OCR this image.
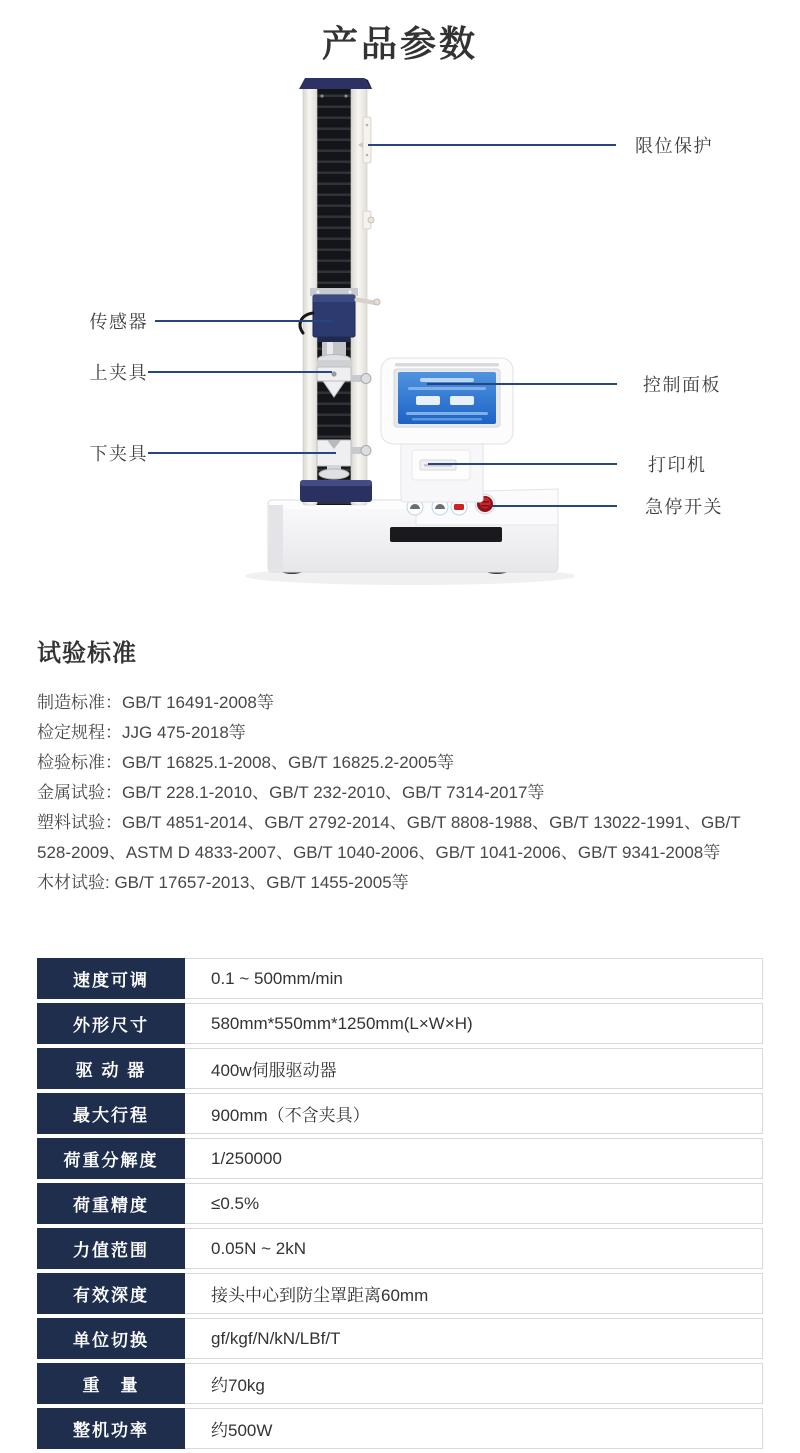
产品参数
限位保护
传感器
上夹具
下夹具
控制面板
打印机
急停开关
试验标准
制造标准：GB/T 16491-2008等
检定规程：JJG 475-2018等
检验标准：GB/T 16825.1-2008、GB/T 16825.2-2005等
金属试验：GB/T 228.1-2010、GB/T 232-2010、GB/T 7314-2017等
塑料试验：GB/T 4851-2014、GB/T 2792-2014、GB/T 8808-1988、GB/T 13022-1991、GB/T 528-2009、ASTM D 4833-2007、GB/T 1040-2006、GB/T 1041-2006、GB/T 9341-2008等
木材试验: GB/T 17657-2013、GB/T 1455-2005等
速度可调	0.1 ~ 500mm/min
外形尺寸	580mm*550mm*1250mm(L×W×H)
驱 动 器	400w伺服驱动器
最大行程	900mm（不含夹具）
荷重分解度	1/250000
荷重精度	≤0.5%
力值范围	0.05N ~ 2kN
有效深度	接头中心到防尘罩距离60mm
单位切换	gf/kgf/N/kN/LBf/T
重　量	约70kg
整机功率	约500W
